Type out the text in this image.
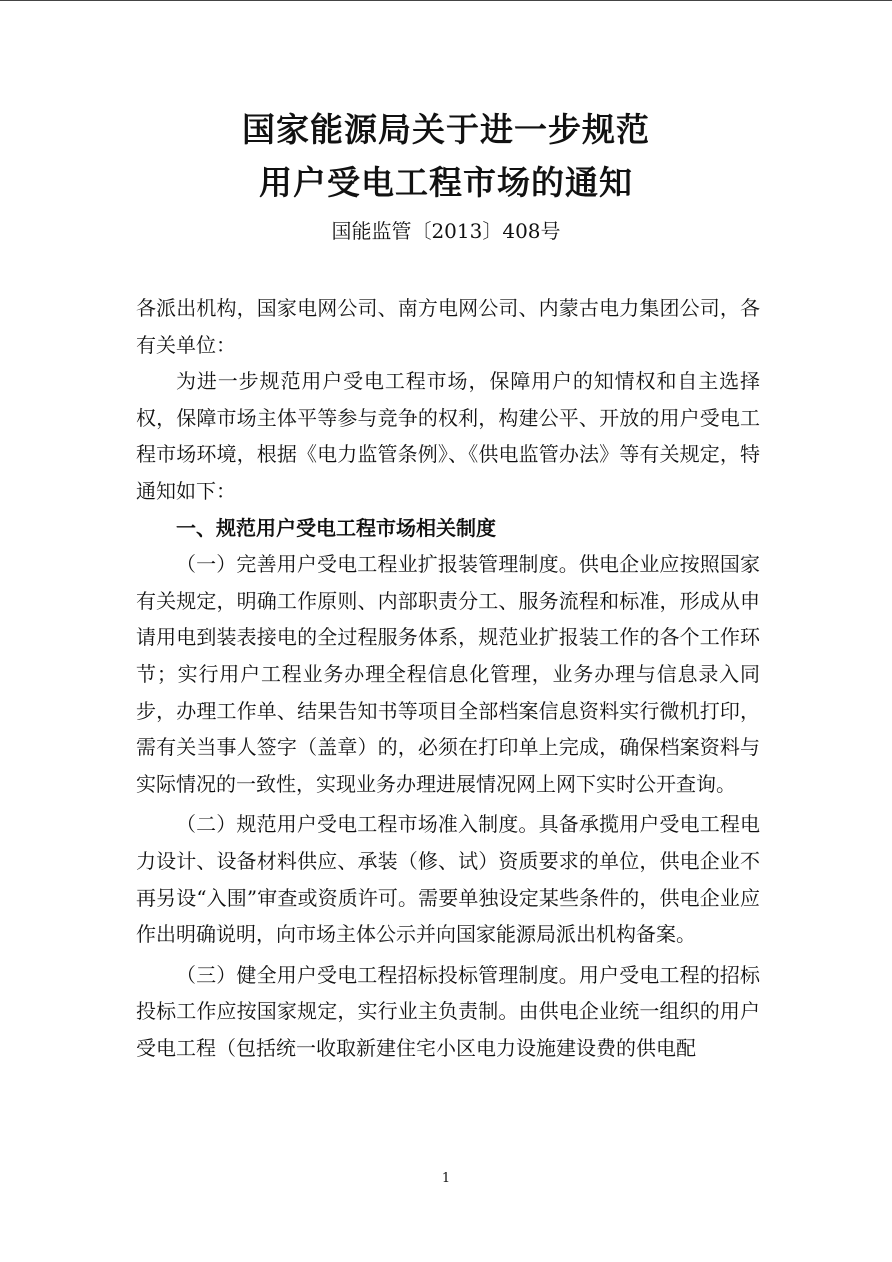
国家能源局关于进一步规范
用户受电工程市场的通知
国能监管〔2013〕408号

各派出机构，国家电网公司、南方电网公司、内蒙古电力集团公司，各有关单位：

为进一步规范用户受电工程市场，保障用户的知情权和自主选择权，保障市场主体平等参与竞争的权利，构建公平、开放的用户受电工程市场环境，根据《电力监管条例》、《供电监管办法》等有关规定，特通知如下：

一、规范用户受电工程市场相关制度

（一）完善用户受电工程业扩报装管理制度。供电企业应按照国家有关规定，明确工作原则、内部职责分工、服务流程和标准，形成从申请用电到装表接电的全过程服务体系，规范业扩报装工作的各个工作环节；实行用户工程业务办理全程信息化管理，业务办理与信息录入同步，办理工作单、结果告知书等项目全部档案信息资料实行微机打印，需有关当事人签字（盖章）的，必须在打印单上完成，确保档案资料与实际情况的一致性，实现业务办理进展情况网上网下实时公开查询。

（二）规范用户受电工程市场准入制度。具备承揽用户受电工程电力设计、设备材料供应、承装（修、试）资质要求的单位，供电企业不再另设“入围”审查或资质许可。需要单独设定某些条件的，供电企业应作出明确说明，向市场主体公示并向国家能源局派出机构备案。

（三）健全用户受电工程招标投标管理制度。用户受电工程的招标投标工作应按国家规定，实行业主负责制。由供电企业统一组织的用户受电工程（包括统一收取新建住宅小区电力设施建设费的供电配

1
